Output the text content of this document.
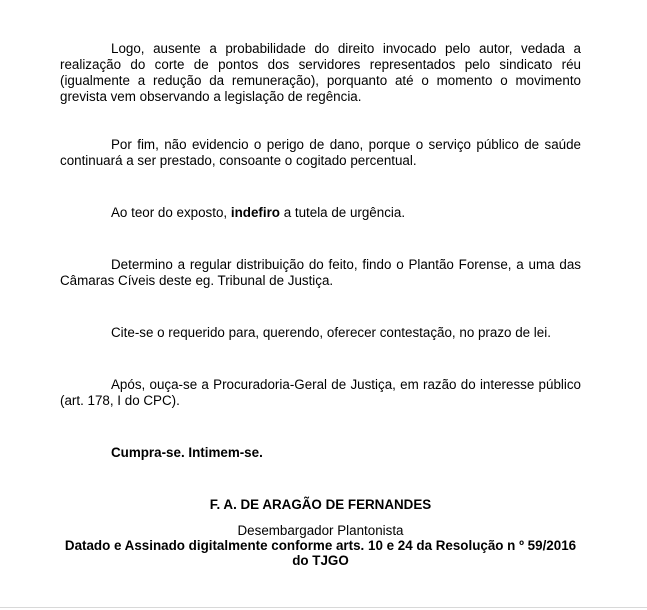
Logo, ausente a probabilidade do direito invocado pelo autor, vedada a realização do corte de pontos dos servidores representados pelo sindicato réu (igualmente a redução da remuneração), porquanto até o momento o movimento grevista vem observando a legislação de regência.

Por fim, não evidencio o perigo de dano, porque o serviço público de saúde continuará a ser prestado, consoante o cogitado percentual.

Ao teor do exposto, indefiro a tutela de urgência.

Determino a regular distribuição do feito, findo o Plantão Forense, a uma das Câmaras Cíveis deste eg. Tribunal de Justiça.

Cite-se o requerido para, querendo, oferecer contestação, no prazo de lei.

Após, ouça-se a Procuradoria-Geral de Justiça, em razão do interesse público (art. 178, I do CPC).

Cumpra-se. Intimem-se.

F. A. DE ARAGÃO DE FERNANDES

Desembargador Plantonista

Datado e Assinado digitalmente conforme arts. 10 e 24 da Resolução n º 59/2016 do TJGO
